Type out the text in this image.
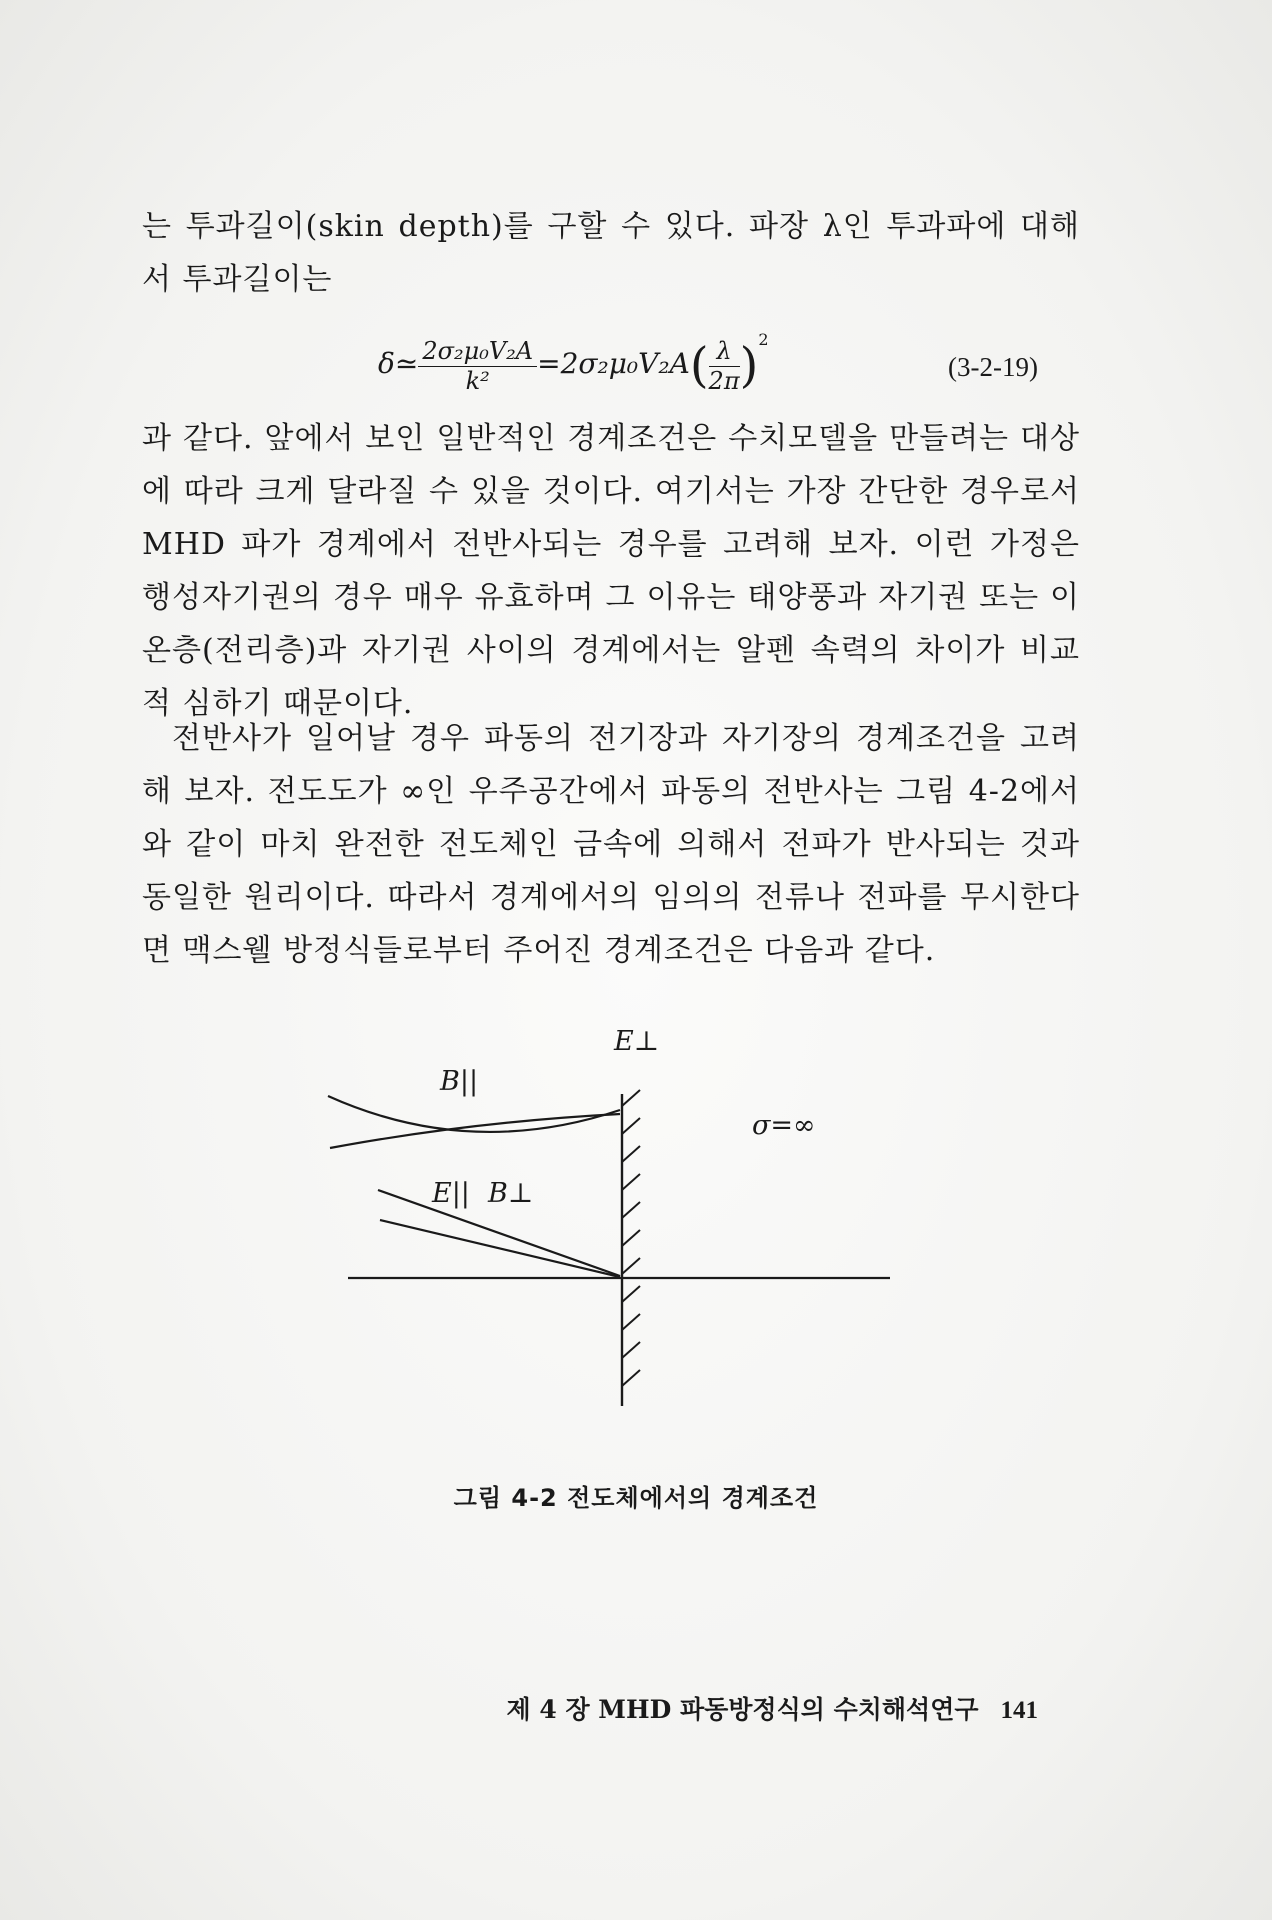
는 투과길이(skin depth)를 구할 수 있다. 파장 λ인 투과파에 대해서 투과길이는

δ≃ $\frac{\text{2σ₂μ₀V₂A}}{\text{k²}} =2\sigma_2\mu_0V_2A( \frac{\lambda}{2\pi} )^2$
(3-2-19)

과 같다. 앞에서 보인 일반적인 경계조건은 수치모델을 만들려는 대상에 따라 크게 달라질 수 있을 것이다. 여기서는 가장 간단한 경우로서 MHD 파가 경계에서 전반사되는 경우를 고려해 보자. 이런 가정은 행성자기권의 경우 매우 유효하며 그 이유는 태양풍과 자기권 또는 이온층(전리층)과 자기권 사이의 경계에서는 알펜 속력의 차이가 비교적 심하기 때문이다.

전반사가 일어날 경우 파동의 전기장과 자기장의 경계조건을 고려해 보자. 전도도가 ∞인 우주공간에서 파동의 전반사는 그림 4-2에서와 같이 마치 완전한 전도체인 금속에 의해서 전파가 반사되는 것과 동일한 원리이다. 따라서 경계에서의 임의의 전류나 전파를 무시한다면 맥스웰 방정식들로부터 주어진 경계조건은 다음과 같다.

E⊥
B||
E|| B⊥
σ=∞
그림 4-2 전도체에서의 경계조건
제 4 장 MHD 파동방정식의 수치해석연구 141
